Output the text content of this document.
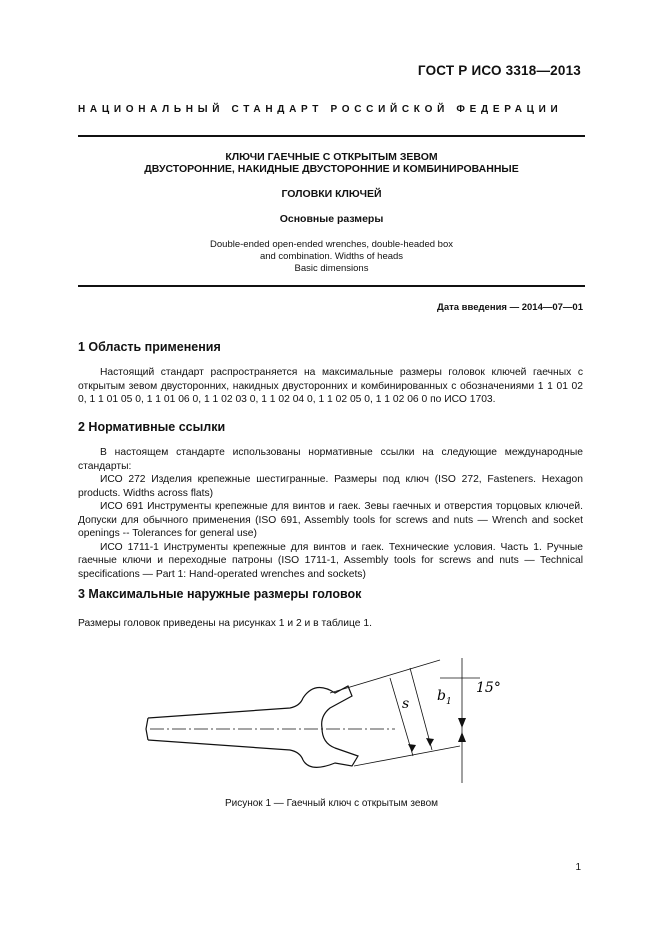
ГОСТ Р ИСО 3318—2013
НАЦИОНАЛЬНЫЙ СТАНДАРТ РОССИЙСКОЙ ФЕДЕРАЦИИ
КЛЮЧИ ГАЕЧНЫЕ С ОТКРЫТЫМ ЗЕВОМ
ДВУСТОРОННИЕ, НАКИДНЫЕ ДВУСТОРОННИЕ И КОМБИНИРОВАННЫЕ
ГОЛОВКИ КЛЮЧЕЙ
Основные размеры
Double-ended open-ended wrenches, double-headed box
and combination. Widths of heads
Basic dimensions
Дата введения — 2014—07—01
1 Область применения

Настоящий стандарт распространяется на максимальные размеры головок ключей гаечных с открытым зевом двусторонних, накидных двусторонних и комбинированных с обозначениями 1 1 01 02 0, 1 1 01 05 0, 1 1 01 06 0, 1 1 02 03 0, 1 1 02 04 0, 1 1 02 05 0, 1 1 02 06 0 по ИСО 1703.

2 Нормативные ссылки

В настоящем стандарте использованы нормативные ссылки на следующие международные стандарты:

ИСО 272 Изделия крепежные шестигранные. Размеры под ключ (ISO 272, Fasteners. Hexagon products. Widths across flats)

ИСО 691 Инструменты крепежные для винтов и гаек. Зевы гаечных и отверстия торцовых ключей. Допуски для обычного применения (ISO 691, Assembly tools for screws and nuts — Wrench and socket openings -- Tolerances for general use)

ИСО 1711-1 Инструменты крепежные для винтов и гаек. Технические условия. Часть 1. Ручные гаечные ключи и переходные патроны (ISO 1711-1, Assembly tools for screws and nuts — Technical specifications — Part 1: Hand-operated wrenches and sockets)

3 Максимальные наружные размеры головок

Размеры головок приведены на рисунках 1 и 2 и в таблице 1.

s b 1
15°
Рисунок 1 — Гаечный ключ с открытым зевом
1
